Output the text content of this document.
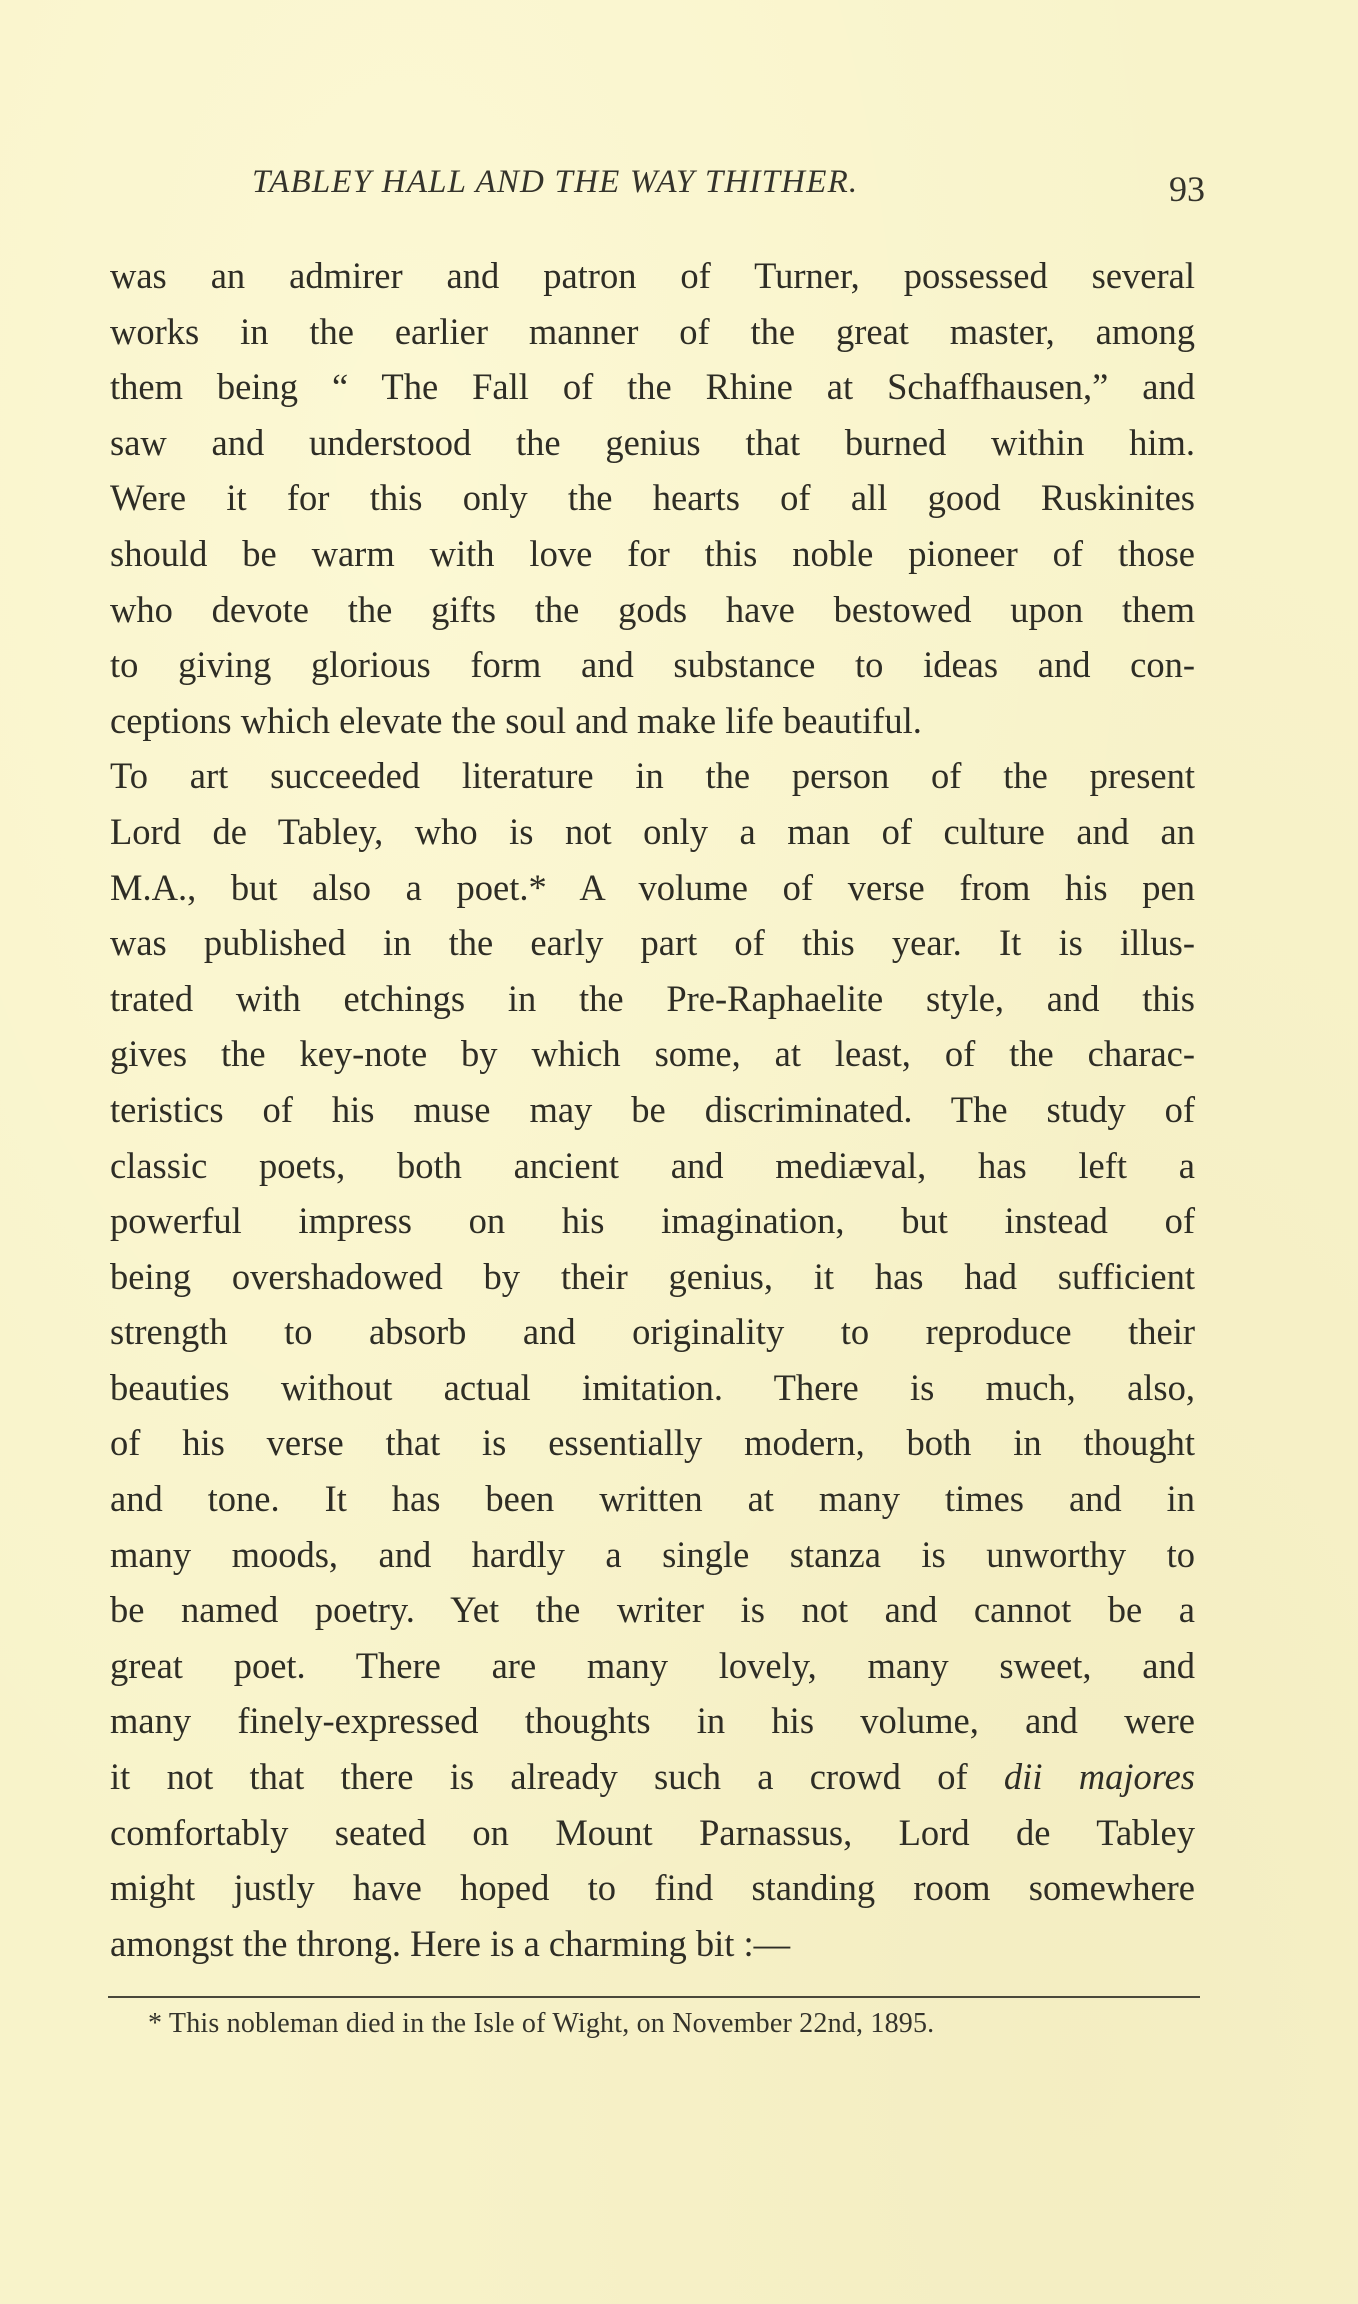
TABLEY HALL AND THE WAY THITHER.	93
was an admirer and patron of Turner, possessed several
works in the earlier manner of the great master, among
them being “ The Fall of the Rhine at Schaffhausen,” and
saw and understood the genius that burned within him.
Were it for this only the hearts of all good Ruskinites
should be warm with love for this noble pioneer of those
who devote the gifts the gods have bestowed upon them
to giving glorious form and substance to ideas and con-
ceptions which elevate the soul and make life beautiful.
To art succeeded literature in the person of the present
Lord de Tabley, who is not only a man of culture and an
M.A., but also a poet.* A volume of verse from his pen
was published in the early part of this year. It is illus-
trated with etchings in the Pre-Raphaelite style, and this
gives the key-note by which some, at least, of the charac-
teristics of his muse may be discriminated. The study of
classic poets, both ancient and mediæval, has left a
powerful impress on his imagination, but instead of
being overshadowed by their genius, it has had sufficient
strength to absorb and originality to reproduce their
beauties without actual imitation. There is much, also,
of his verse that is essentially modern, both in thought
and tone. It has been written at many times and in
many moods, and hardly a single stanza is unworthy to
be named poetry. Yet the writer is not and cannot be a
great poet. There are many lovely, many sweet, and
many finely-expressed thoughts in his volume, and were
it not that there is already such a crowd of dii majores
comfortably seated on Mount Parnassus, Lord de Tabley
might justly have hoped to find standing room somewhere
amongst the throng. Here is a charming bit :—
* This nobleman died in the Isle of Wight, on November 22nd, 1895.
